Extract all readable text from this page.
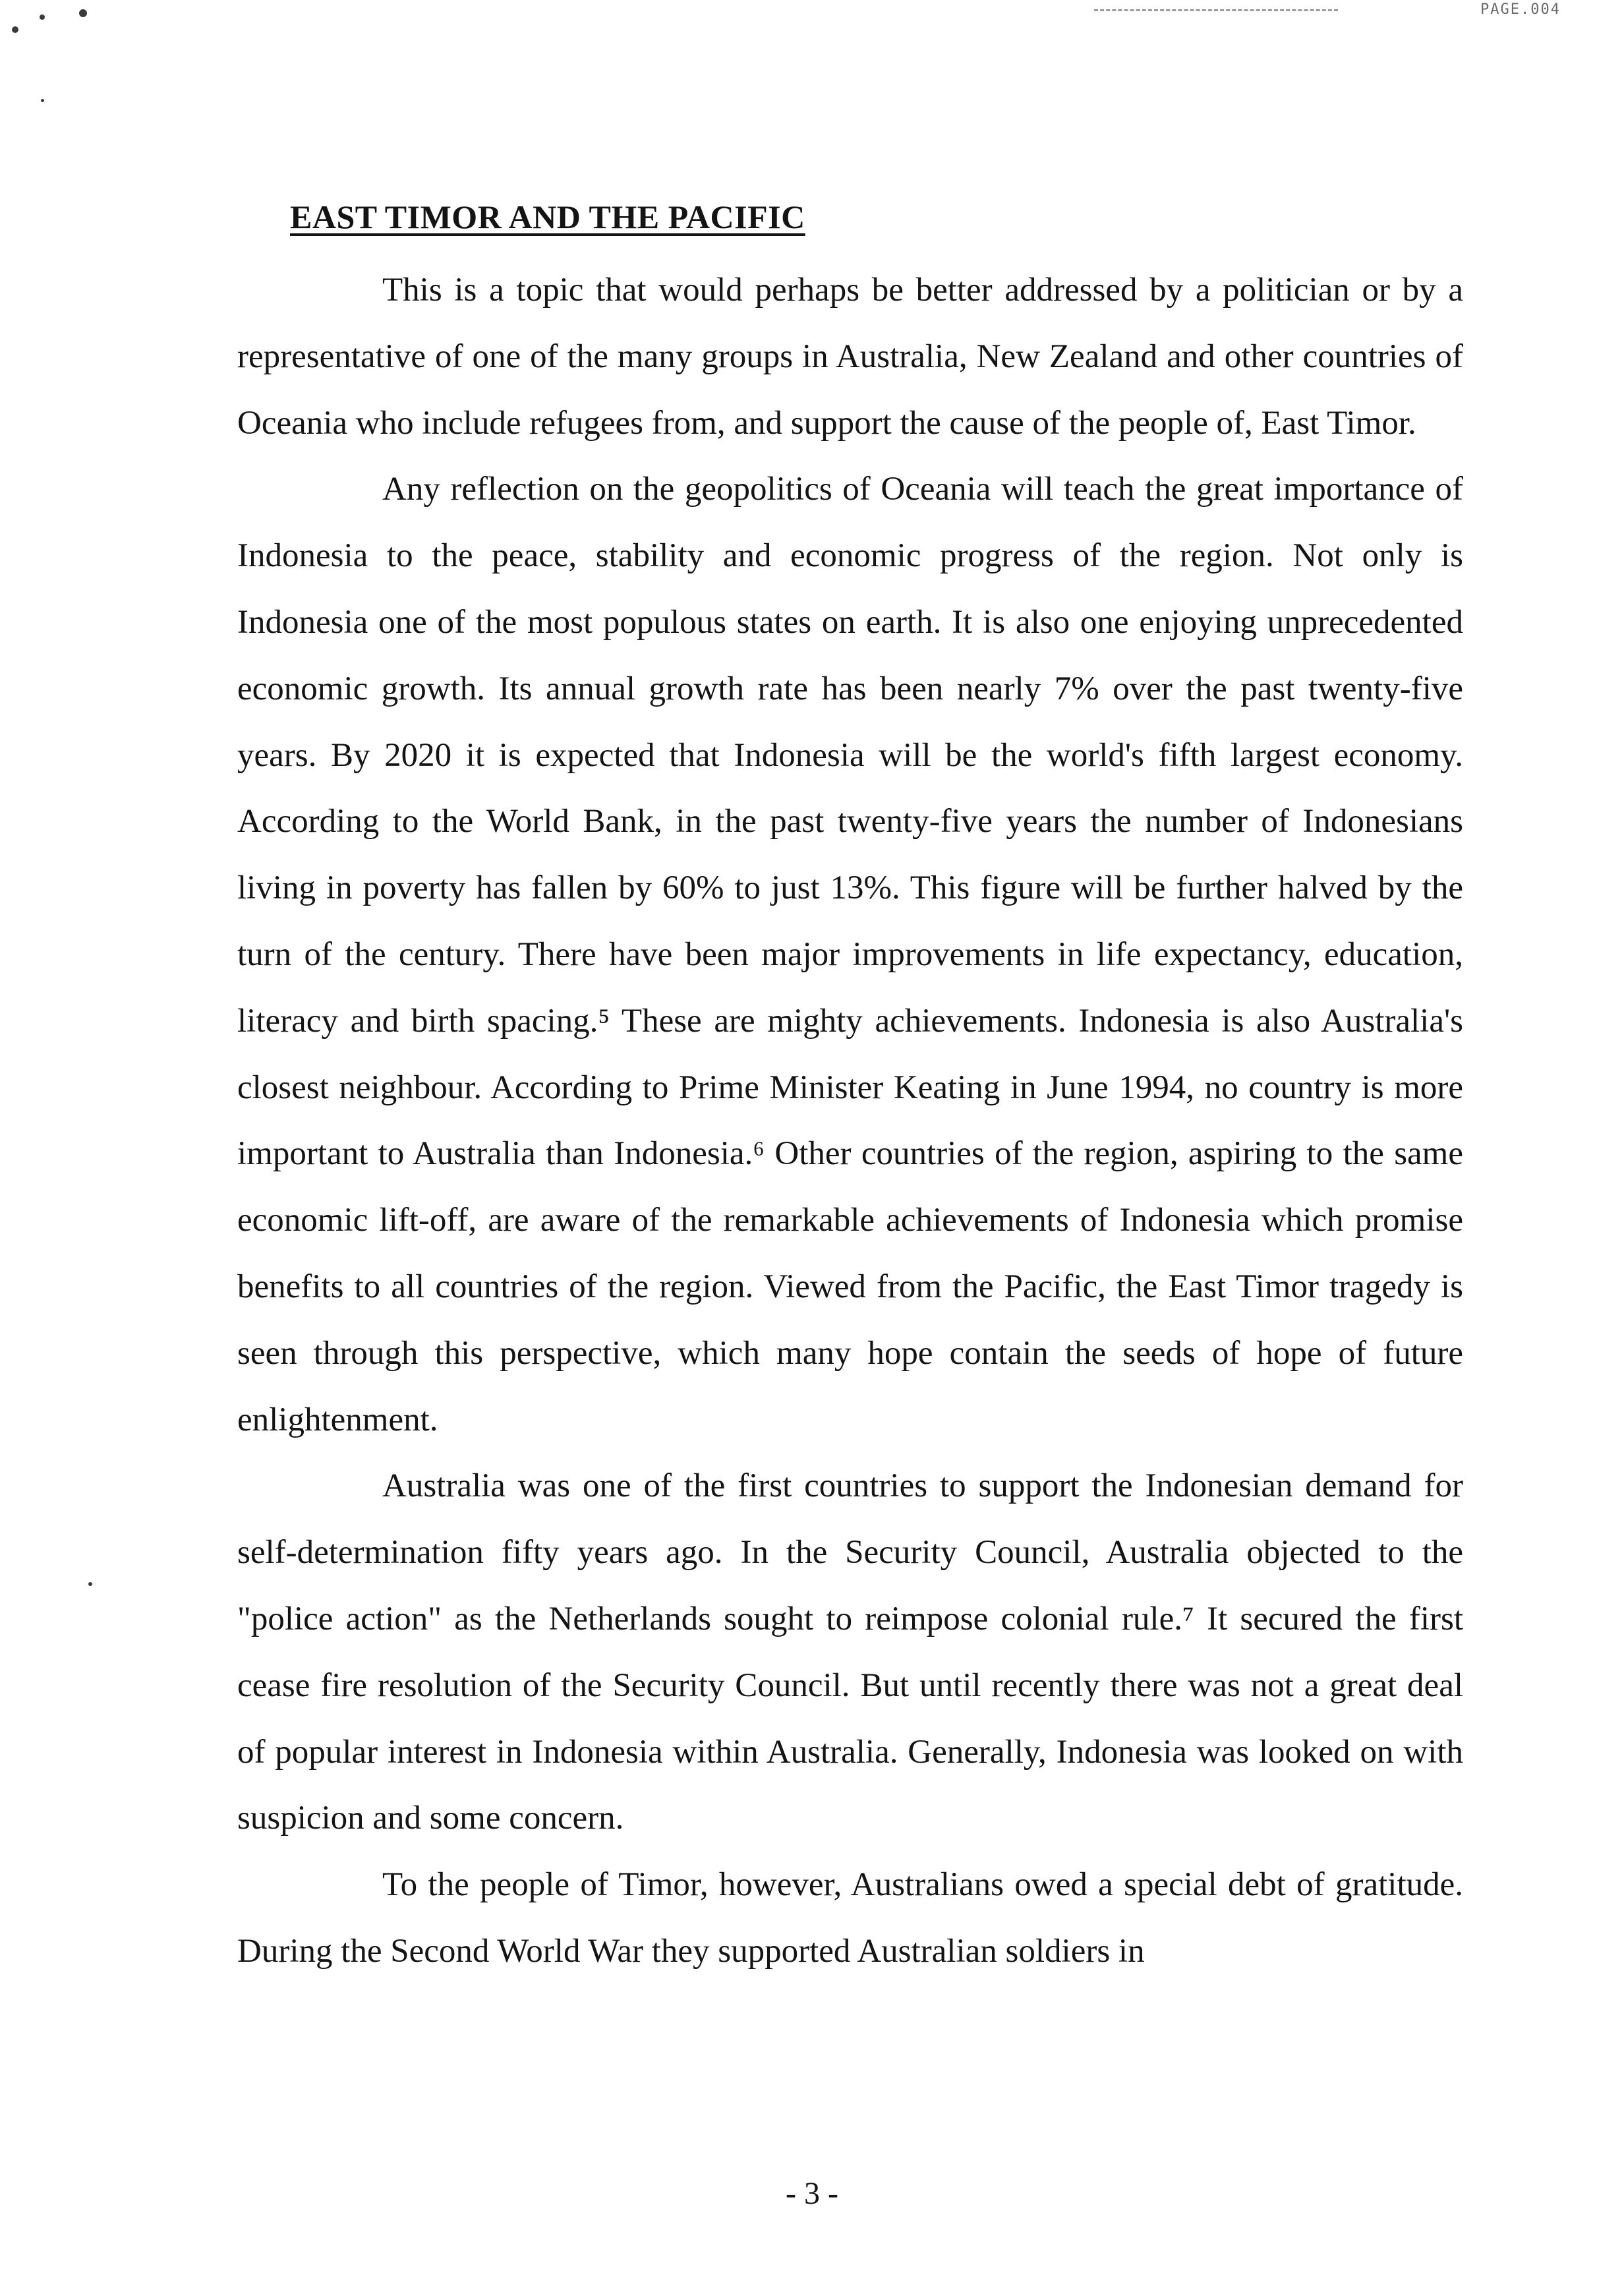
PAGE.004
EAST TIMOR AND THE PACIFIC

This is a topic that would perhaps be better addressed by a politician or by a representative of one of the many groups in Australia, New Zealand and other countries of Oceania who include refugees from, and support the cause of the people of, East Timor.

Any reflection on the geopolitics of Oceania will teach the great importance of Indonesia to the peace, stability and economic progress of the region. Not only is Indonesia one of the most populous states on earth. It is also one enjoying unprecedented economic growth. Its annual growth rate has been nearly 7% over the past twenty-five years. By 2020 it is expected that Indonesia will be the world's fifth largest economy. According to the World Bank, in the past twenty-five years the number of Indonesians living in poverty has fallen by 60% to just 13%. This figure will be further halved by the turn of the century. There have been major improvements in life expectancy, education, literacy and birth spacing.⁵ These are mighty achievements. Indonesia is also Australia's closest neighbour. According to Prime Minister Keating in June 1994, no country is more important to Australia than Indonesia.⁶ Other countries of the region, aspiring to the same economic lift-off, are aware of the remarkable achievements of Indonesia which promise benefits to all countries of the region. Viewed from the Pacific, the East Timor tragedy is seen through this perspective, which many hope contain the seeds of hope of future enlightenment.

Australia was one of the first countries to support the Indonesian demand for self-determination fifty years ago. In the Security Council, Australia objected to the "police action" as the Netherlands sought to reimpose colonial rule.⁷ It secured the first cease fire resolution of the Security Council. But until recently there was not a great deal of popular interest in Indonesia within Australia. Generally, Indonesia was looked on with suspicion and some concern.

To the people of Timor, however, Australians owed a special debt of gratitude. During the Second World War they supported Australian soldiers in

- 3 -
